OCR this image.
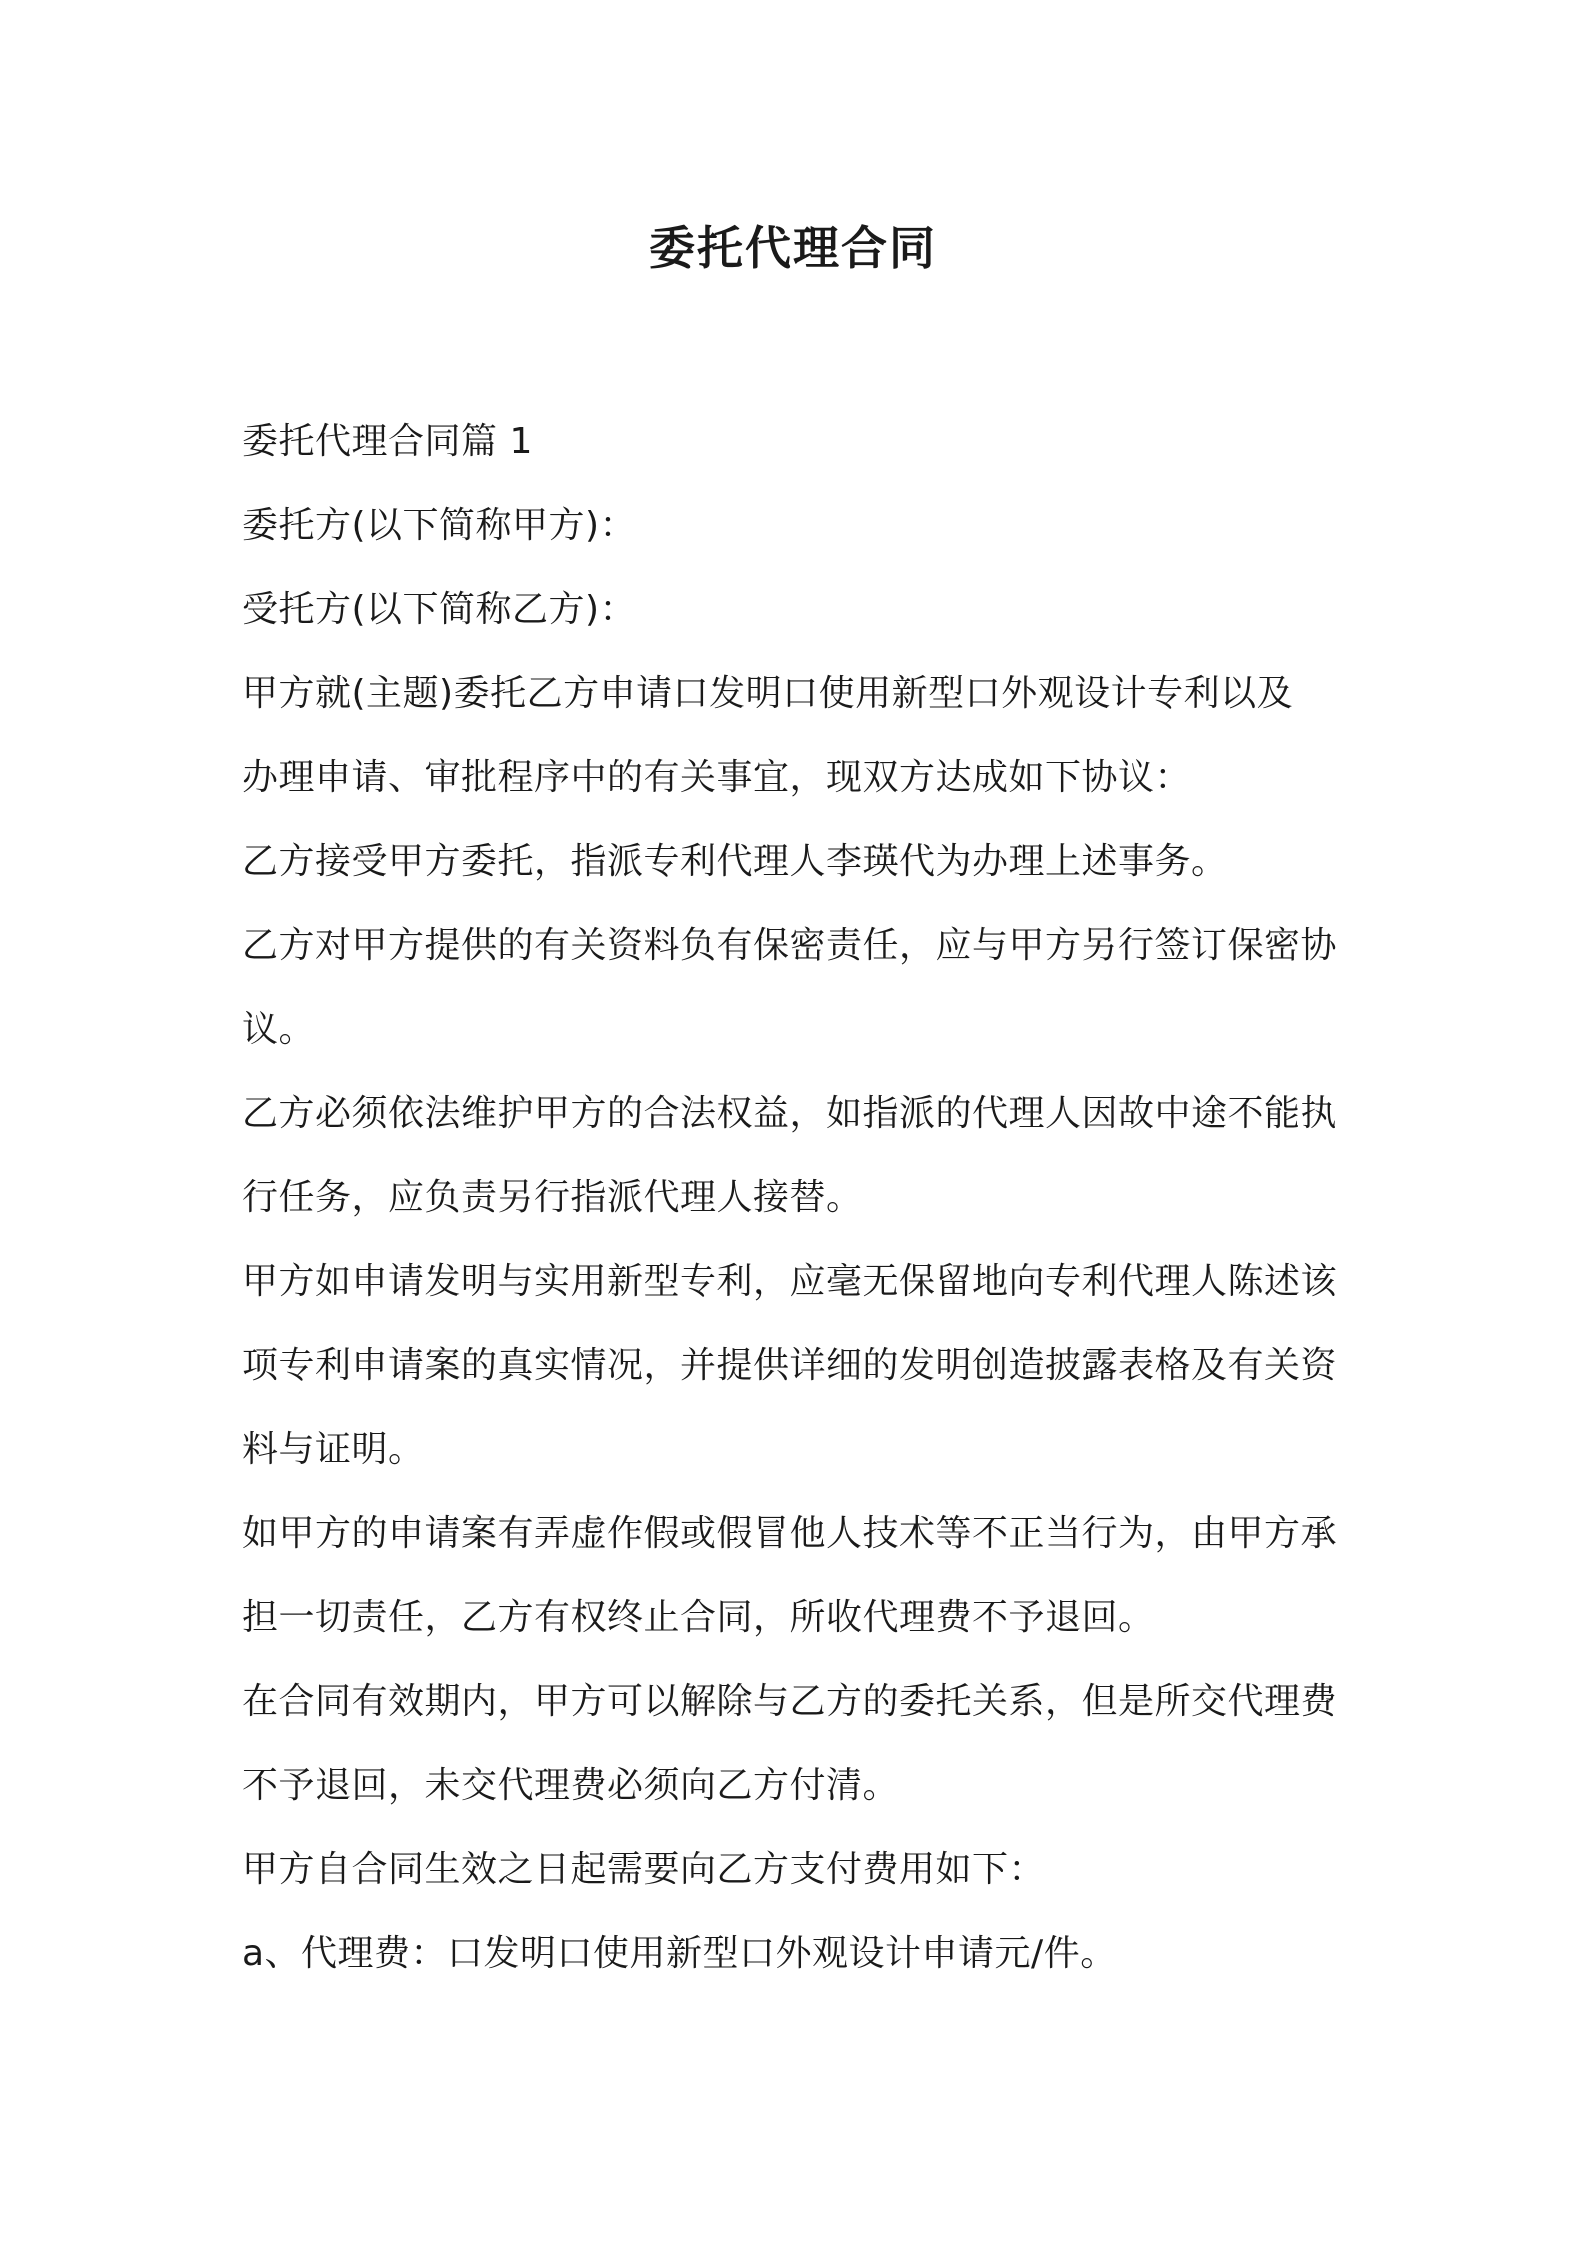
委托代理合同

委托代理合同篇 1

委托方(以下简称甲方)：

受托方(以下简称乙方)：

甲方就(主题)委托乙方申请口发明口使用新型口外观设计专利以及

办理申请、审批程序中的有关事宜，现双方达成如下协议：

乙方接受甲方委托，指派专利代理人李瑛代为办理上述事务。

乙方对甲方提供的有关资料负有保密责任，应与甲方另行签订保密协

议。

乙方必须依法维护甲方的合法权益，如指派的代理人因故中途不能执

行任务，应负责另行指派代理人接替。

甲方如申请发明与实用新型专利，应毫无保留地向专利代理人陈述该

项专利申请案的真实情况，并提供详细的发明创造披露表格及有关资

料与证明。

如甲方的申请案有弄虚作假或假冒他人技术等不正当行为，由甲方承

担一切责任，乙方有权终止合同，所收代理费不予退回。

在合同有效期内，甲方可以解除与乙方的委托关系，但是所交代理费

不予退回，未交代理费必须向乙方付清。

甲方自合同生效之日起需要向乙方支付费用如下：

a、代理费：口发明口使用新型口外观设计申请元/件。
